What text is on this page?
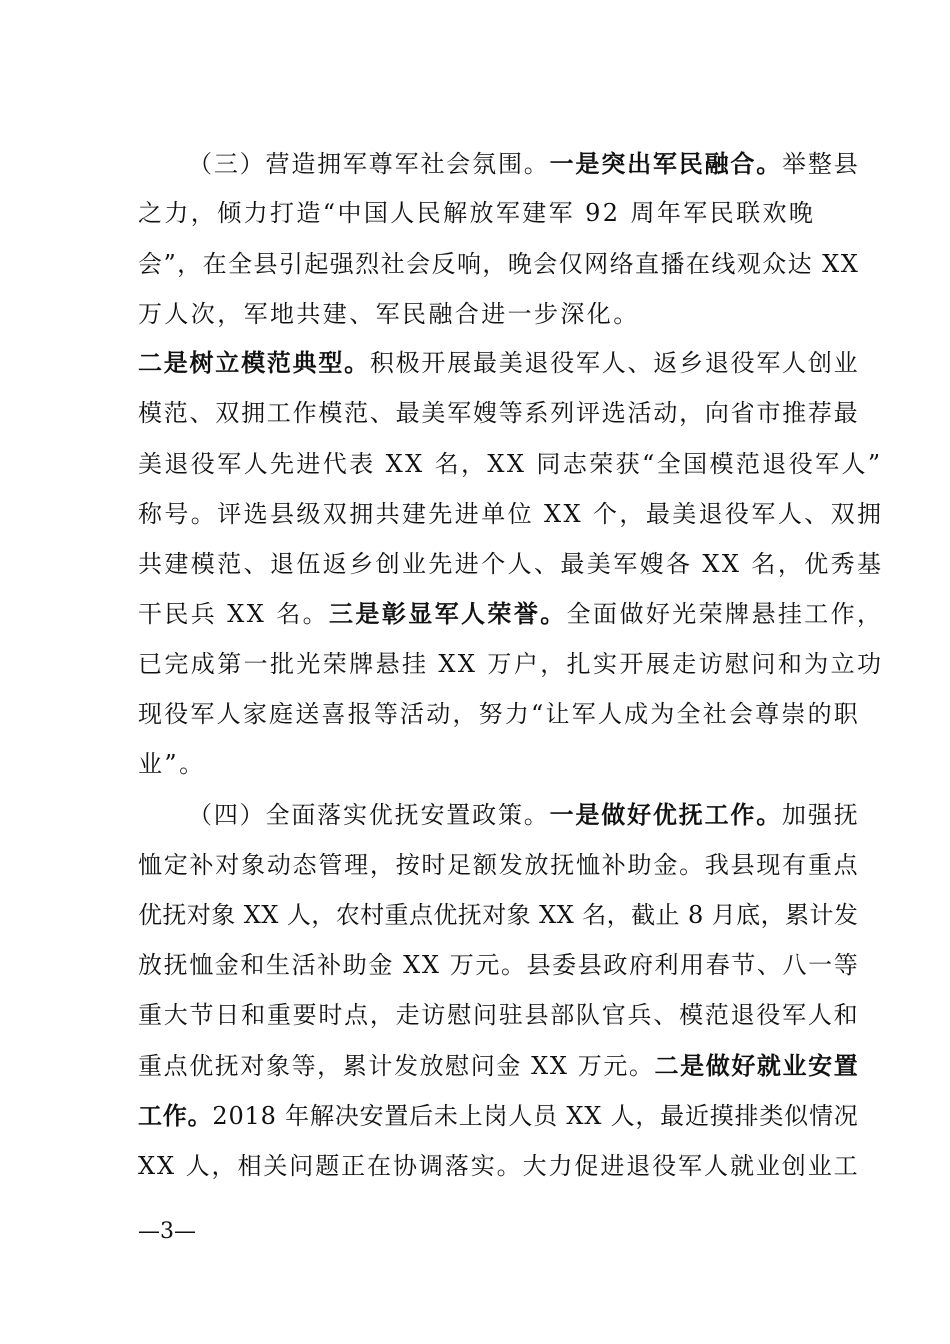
（ 三 ） 营 造 拥 军 尊 军 社 会 氛 围 。 一 是 突 出 军 民 融 合 。 举 整 县
之力，倾力打造“中国人民解放军建军 92 周年军民联欢晚
会 ” ， 在 全 县 引 起 强 烈 社 会 反 响 ， 晚 会 仅 网 络 直 播 在 线 观 众 达
X X
万人次，军地共建、军民融合进一步深化。
二 是 树 立 模 范 典 型 。 积 极 开 展 最 美 退 役 军 人 、 返 乡 退 役 军 人 创 业
模 范 、 双 拥 工 作 模 范 、 最 美 军 嫂 等 系 列 评 选 活 动 ， 向 省 市 推 荐 最
美退役军人先进代表 XX 名，XX 同志荣获“全国模范退役军人”
称号。评选县级双拥共建先进单位 XX 个，最美退役军人、双拥
共建模范、退伍返乡创业先进个人、最美军嫂各 XX 名，优秀基
干民兵 XX 名。三是彰显军人荣誉。全面做好光荣牌悬挂工作，
已完成第一批光荣牌悬挂 XX 万户，扎实开展走访慰问和为立功
现 役 军 人 家 庭 送 喜 报 等 活 动 ， 努 力 “ 让 军 人 成 为 全 社 会 尊 崇 的 职
业”。
（ 四 ） 全 面 落 实 优 抚 安 置 政 策 。 一 是 做 好 优 抚 工 作 。 加 强 抚
恤 定 补 对 象 动 态 管 理 ， 按 时 足 额 发 放 抚 恤 补 助 金 。 我 县 现 有 重 点
优 抚 对 象
X X
人 ， 农 村 重 点 优 抚 对 象
X X
名 ， 截 止
8
月 底 ， 累 计 发
放 抚 恤 金 和 生 活 补 助 金
X X
万 元 。 县 委 县 政 府 利 用 春 节 、 八 一 等
重 大 节 日 和 重 要 时 点 ， 走 访 慰 问 驻 县 部 队 官 兵 、 模 范 退 役 军 人 和
重 点 优 抚 对 象 等 ， 累 计 发 放 慰 问 金
X X
万 元 。 二 是 做 好 就 业 安 置
工 作 。 2 0 1 8
年 解 决 安 置 后 未 上 岗 人 员
X X
人 ， 最 近 摸 排 类 似 情 况
X X
人 ， 相 关 问 题 正 在 协 调 落 实 。 大 力 促 进 退 役 军 人 就 业 创 业 工
—3—
